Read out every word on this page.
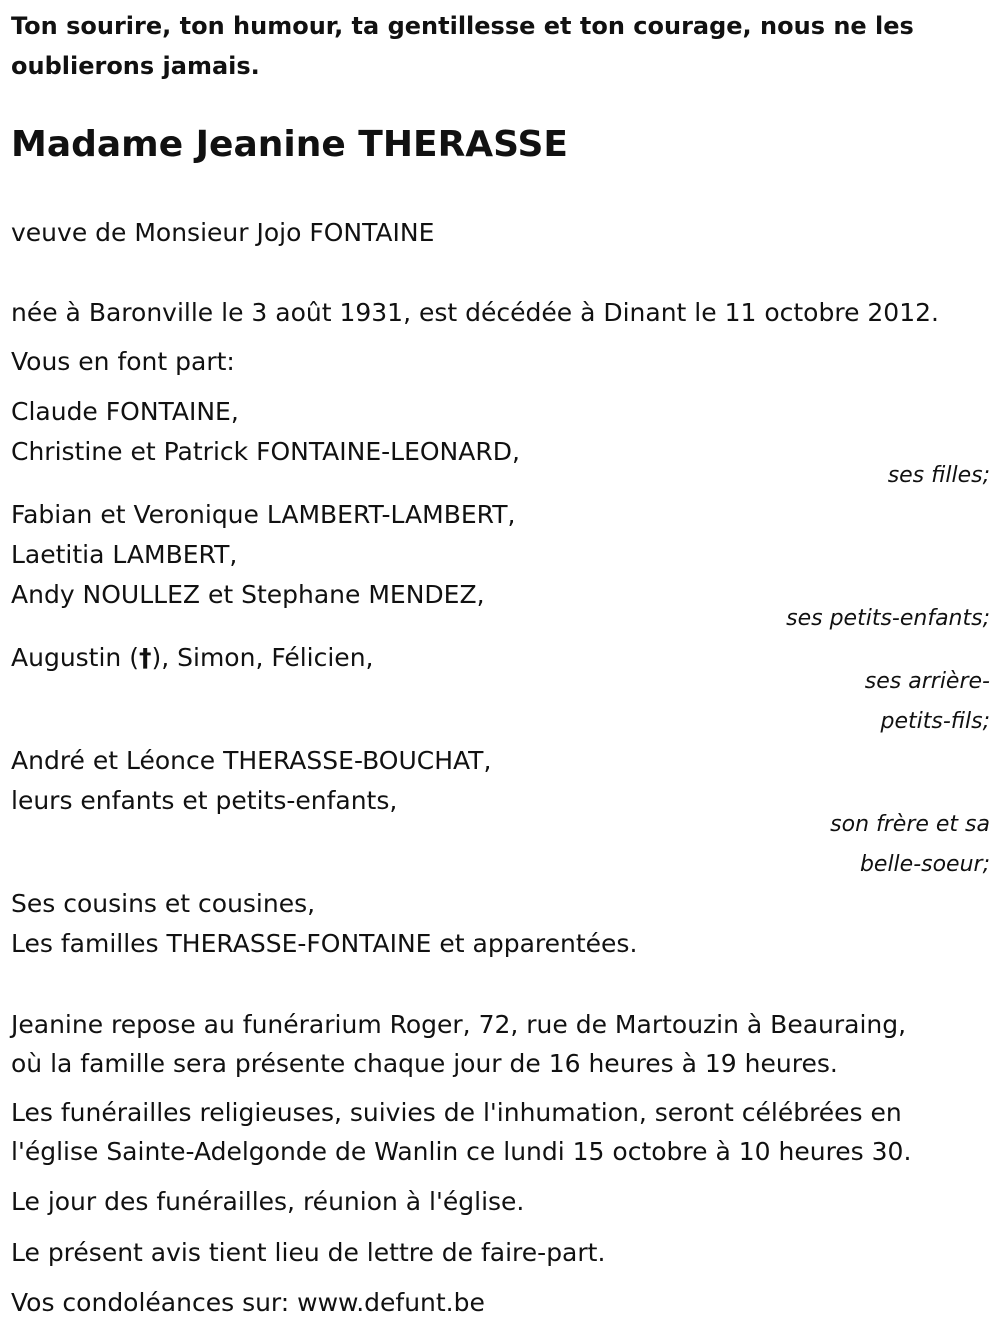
Ton sourire, ton humour, ta gentillesse et ton courage, nous ne les
oublierons jamais.
Madame Jeanine THERASSE
veuve de Monsieur Jojo FONTAINE
née à Baronville le 3 août 1931, est décédée à Dinant le 11 octobre 2012.
Vous en font part:
Claude FONTAINE,
Christine et Patrick FONTAINE-LEONARD,
ses filles;
Fabian et Veronique LAMBERT-LAMBERT,
Laetitia LAMBERT,
Andy NOULLEZ et Stephane MENDEZ,
ses petits-enfants;
Augustin (†), Simon, Félicien,
ses arrière-
petits-fils;
André et Léonce THERASSE-BOUCHAT,
leurs enfants et petits-enfants,
son frère et sa
belle-soeur;
Ses cousins et cousines,
Les familles THERASSE-FONTAINE et apparentées.
Jeanine repose au funérarium Roger, 72, rue de Martouzin à Beauraing,
où la famille sera présente chaque jour de 16 heures à 19 heures.
Les funérailles religieuses, suivies de l'inhumation, seront célébrées en
l'église Sainte-Adelgonde de Wanlin ce lundi 15 octobre à 10 heures 30.
Le jour des funérailles, réunion à l'église.
Le présent avis tient lieu de lettre de faire-part.
Vos condoléances sur: www.defunt.be
